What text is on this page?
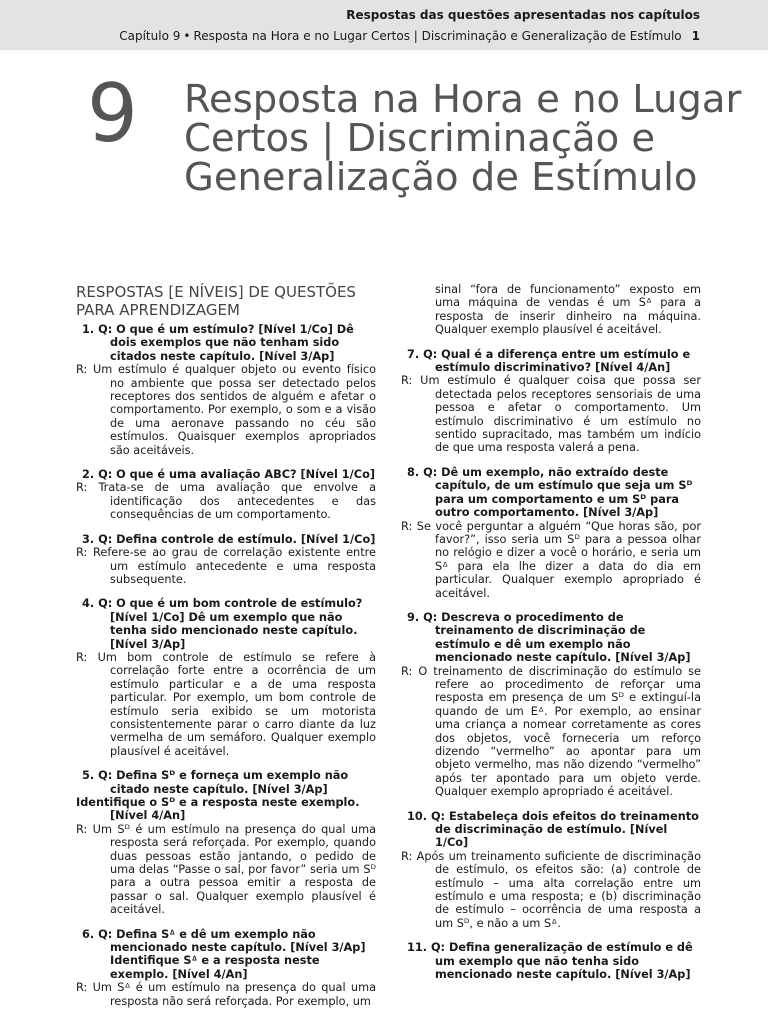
Respostas das questões apresentadas nos capítulos
Capítulo 9 • Resposta na Hora e no Lugar Certos | Discriminação e Generalização de Estímulo 1
9 Resposta na Hora e no Lugar Certos | Discriminação e Generalização de Estímulo
RESPOSTAS [E NÍVEIS] DE QUESTÕES PARA APRENDIZAGEM
1. Q: O que é um estímulo? [Nível 1/Co] Dê dois exemplos que não tenham sido citados neste capítulo. [Nível 3/Ap]
R: Um estímulo é qualquer objeto ou evento físico no ambiente que possa ser detectado pelos receptores dos sentidos de alguém e afetar o comportamento. Por exemplo, o som e a visão de uma aeronave passando no céu são estímulos. Quaisquer exemplos apropriados são aceitáveis.
2. Q: O que é uma avaliação ABC? [Nível 1/Co]
R: Trata-se de uma avaliação que envolve a identificação dos antecedentes e das consequências de um comportamento.
3. Q: Defina controle de estímulo. [Nível 1/Co]
R: Refere-se ao grau de correlação existente entre um estímulo antecedente e uma resposta subsequente.
4. Q: O que é um bom controle de estímulo? [Nível 1/Co] Dê um exemplo que não tenha sido mencionado neste capítulo. [Nível 3/Ap]
R: Um bom controle de estímulo se refere à correlação forte entre a ocorrência de um estímulo particular e a de uma resposta particular. Por exemplo, um bom controle de estímulo seria exibido se um motorista consistentemente parar o carro diante da luz vermelha de um semáforo. Qualquer exemplo plausível é aceitável.
5. Q: Defina Sᴰ e forneça um exemplo não citado neste capítulo. [Nível 3/Ap]
Identifique o Sᴰ e a resposta neste exemplo. [Nível 4/An]
R: Um Sᴰ é um estímulo na presença do qual uma resposta será reforçada. Por exemplo, quando duas pessoas estão jantando, o pedido de uma delas “Passe o sal, por favor” seria um Sᴰ para a outra pessoa emitir a resposta de passar o sal. Qualquer exemplo plausível é aceitável.
6. Q: Defina Sᐞ e dê um exemplo não mencionado neste capítulo. [Nível 3/Ap] Identifique Sᐞ e a resposta neste exemplo. [Nível 4/An]
R: Um Sᐞ é um estímulo na presença do qual uma resposta não será reforçada. Por exemplo, um
sinal “fora de funcionamento” exposto em uma máquina de vendas é um Sᐞ para a resposta de inserir dinheiro na máquina. Qualquer exemplo plausível é aceitável.
7. Q: Qual é a diferença entre um estímulo e estímulo discriminativo? [Nível 4/An]
R: Um estímulo é qualquer coisa que possa ser detectada pelos receptores sensoriais de uma pessoa e afetar o comportamento. Um estímulo discriminativo é um estímulo no sentido supracitado, mas também um indício de que uma resposta valerá a pena.
8. Q: Dê um exemplo, não extraído deste capítulo, de um estímulo que seja um Sᴰ para um comportamento e um Sᴰ para outro comportamento. [Nível 3/Ap]
R: Se você perguntar a alguém “Que horas são, por favor?”, isso seria um Sᴰ para a pessoa olhar no relógio e dizer a você o horário, e seria um Sᐞ para ela lhe dizer a data do dia em particular. Qualquer exemplo apropriado é aceitável.
9. Q: Descreva o procedimento de treinamento de discriminação de estímulo e dê um exemplo não mencionado neste capítulo. [Nível 3/Ap]
R: O treinamento de discriminação do estímulo se refere ao procedimento de reforçar uma resposta em presença de um Sᴰ e extinguí-la quando de um Eᐞ. Por exemplo, ao ensinar uma criança a nomear corretamente as cores dos objetos, você forneceria um reforço dizendo “vermelho” ao apontar para um objeto vermelho, mas não dizendo “vermelho” após ter apontado para um objeto verde. Qualquer exemplo apropriado é aceitável.
10. Q: Estabeleça dois efeitos do treinamento de discriminação de estímulo. [Nível 1/Co]
R: Após um treinamento suficiente de discriminação de estímulo, os efeitos são: (a) controle de estímulo – uma alta correlação entre um estímulo e uma resposta; e (b) discriminação de estímulo – ocorrência de uma resposta a um Sᴰ, e não a um Sᐞ.
11. Q: Defina generalização de estímulo e dê um exemplo que não tenha sido mencionado neste capítulo. [Nível 3/Ap]
